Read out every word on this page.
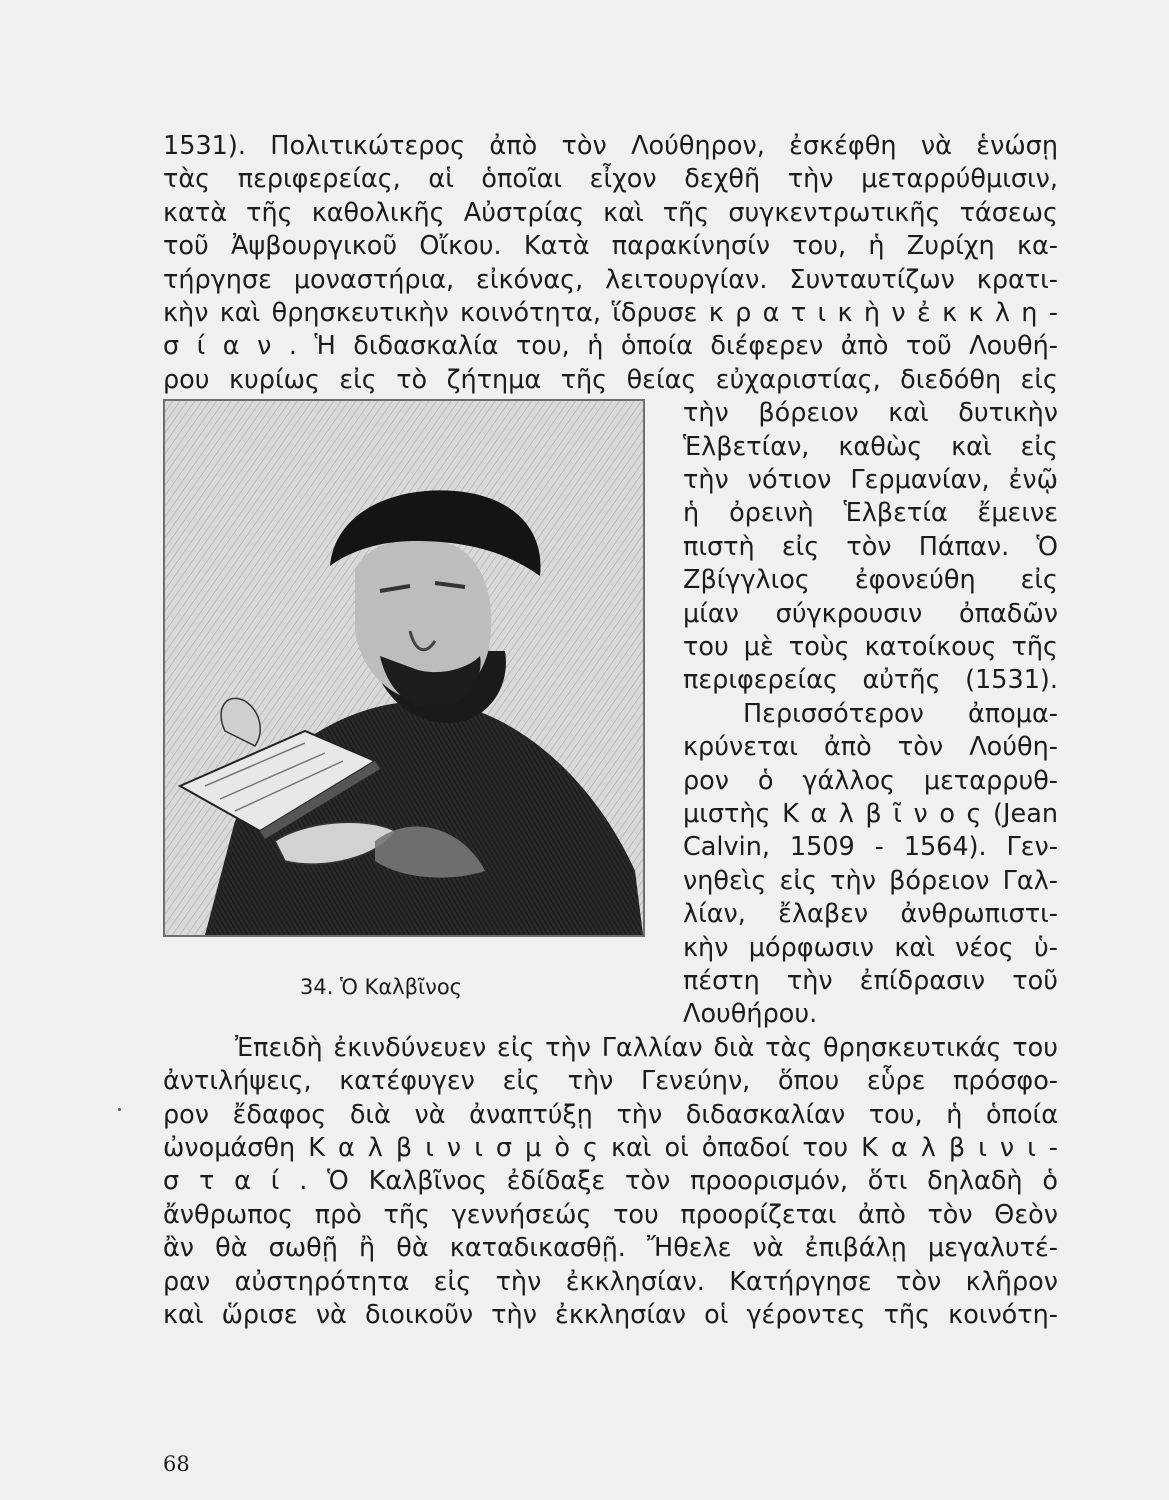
1531). Πολιτικώτερος ἀπὸ τὸν Λούθηρον, ἐσκέφθη νὰ ἑνώσῃ
τὰς περιφερείας, αἱ ὁποῖαι εἶχον δεχθῆ τὴν μεταρρύθμισιν,
κατὰ τῆς καθολικῆς Αὐστρίας καὶ τῆς συγκεντρωτικῆς τάσεως
τοῦ Ἀψβουργικοῦ Οἴκου. Κατὰ παρακίνησίν του, ἡ Ζυρίχη κα-
τήργησε μοναστήρια, εἰκόνας, λειτουργίαν. Συνταυτίζων κρατι-
κὴν καὶ θρησκευτικὴν κοινότητα, ἵδρυσε κ ρ α τ ι κ ὴ ν ἐ κ κ λ η -
σ ί α ν . Ἡ διδασκαλία του, ἡ ὁποία διέφερεν ἀπὸ τοῦ Λουθή-
ρου κυρίως εἰς τὸ ζήτημα τῆς θείας εὐχαριστίας, διεδόθη εἰς
τὴν βόρειον καὶ δυτικὴν
Ἑλβετίαν, καθὼς καὶ εἰς
τὴν νότιον Γερμανίαν, ἐνῷ
ἡ ὀρεινὴ Ἑλβετία ἔμεινε
πιστὴ εἰς τὸν Πάπαν. Ὁ
Ζβίγγλιος ἐφονεύθη εἰς
μίαν σύγκρουσιν ὀπαδῶν
του μὲ τοὺς κατοίκους τῆς
περιφερείας αὐτῆς (1531).
Περισσότερον ἀπομα-
κρύνεται ἀπὸ τὸν Λούθη-
ρον ὁ γάλλος μεταρρυθ-
μιστὴς Κ α λ β ῖ ν ο ς (Jean
Calvin, 1509 - 1564). Γεν-
νηθεὶς εἰς τὴν βόρειον Γαλ-
λίαν, ἔλαβεν ἀνθρωπιστι-
κὴν μόρφωσιν καὶ νέος ὑ-
πέστη τὴν ἐπίδρασιν τοῦ
Λουθήρου.
34. Ὁ Καλβῖνος
Ἐπειδὴ ἐκινδύνευεν εἰς τὴν Γαλλίαν διὰ τὰς θρησκευτικάς του
ἀντιλήψεις, κατέφυγεν εἰς τὴν Γενεύην, ὅπου εὗρε πρόσφο-
ρον ἔδαφος διὰ νὰ ἀναπτύξῃ τὴν διδασκαλίαν του, ἡ ὁποία
ὠνομάσθη Κ α λ β ι ν ι σ μ ὸ ς καὶ οἱ ὀπαδοί του Κ α λ β ι ν ι -
σ τ α ί . Ὁ Καλβῖνος ἐδίδαξε τὸν προορισμόν, ὅτι δηλαδὴ ὁ
ἄνθρωπος πρὸ τῆς γεννήσεώς του προορίζεται ἀπὸ τὸν Θεὸν
ἂν θὰ σωθῇ ἢ θὰ καταδικασθῇ. Ἤθελε νὰ ἐπιβάλῃ μεγαλυτέ-
ραν αὐστηρότητα εἰς τὴν ἐκκλησίαν. Κατήργησε τὸν κλῆρον
καὶ ὥρισε νὰ διοικοῦν τὴν ἐκκλησίαν οἱ γέροντες τῆς κοινότη-
68
